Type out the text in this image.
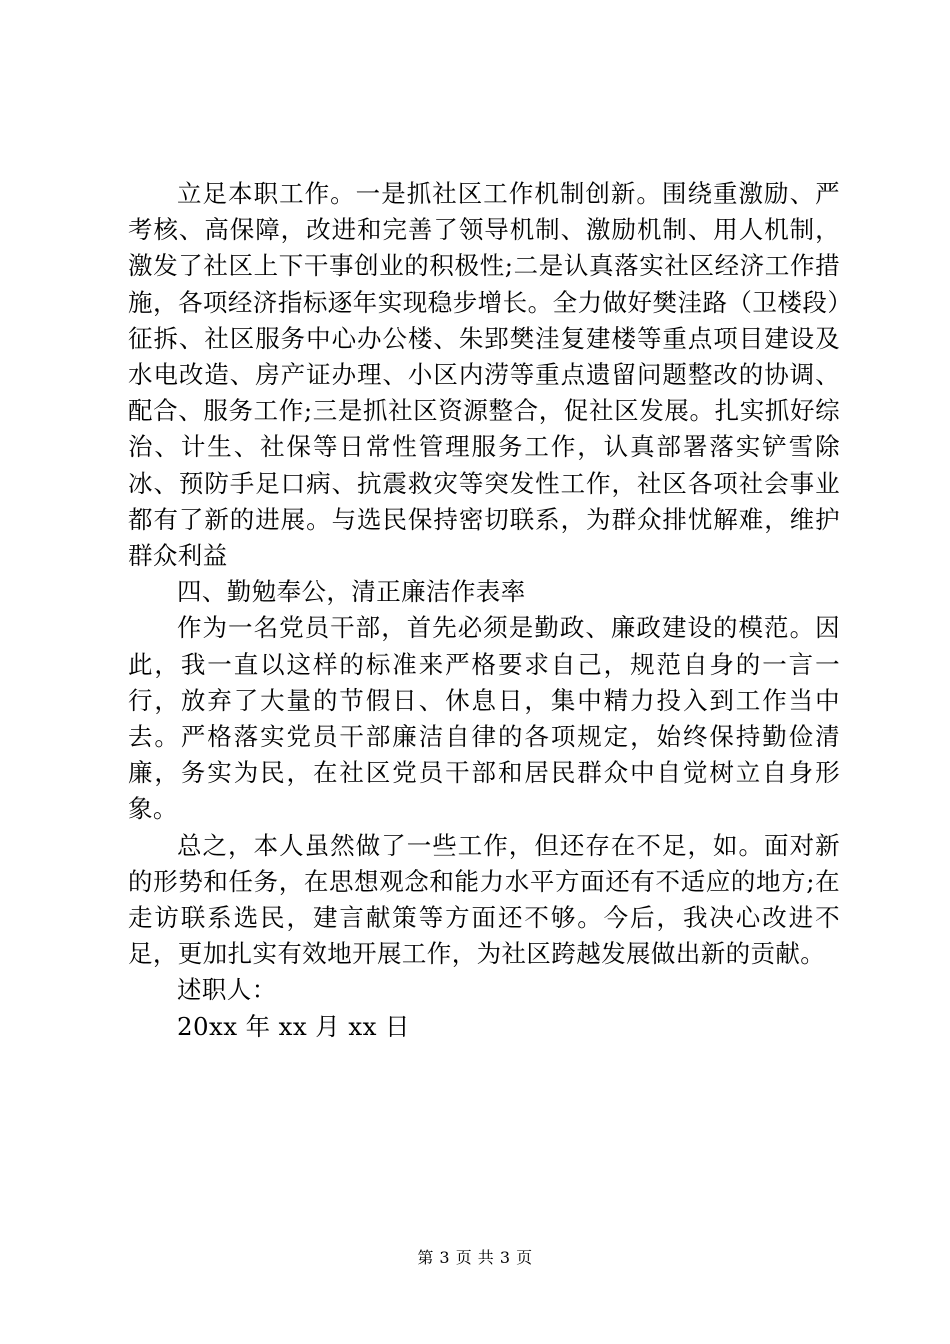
立足本职工作。一是抓社区工作机制创新。围绕重激励、严考核、高保障，改进和完善了领导机制、激励机制、用人机制，激发了社区上下干事创业的积极性;二是认真落实社区经济工作措施，各项经济指标逐年实现稳步增长。全力做好樊洼路（卫楼段）征拆、社区服务中心办公楼、朱郢樊洼复建楼等重点项目建设及水电改造、房产证办理、小区内涝等重点遗留问题整改的协调、配合、服务工作;三是抓社区资源整合，促社区发展。扎实抓好综治、计生、社保等日常性管理服务工作，认真部署落实铲雪除冰、预防手足口病、抗震救灾等突发性工作，社区各项社会事业都有了新的进展。与选民保持密切联系，为群众排忧解难，维护群众利益

四、勤勉奉公，清正廉洁作表率

作为一名党员干部，首先必须是勤政、廉政建设的模范。因此，我一直以这样的标准来严格要求自己，规范自身的一言一行，放弃了大量的节假日、休息日，集中精力投入到工作当中去。严格落实党员干部廉洁自律的各项规定，始终保持勤俭清廉，务实为民，在社区党员干部和居民群众中自觉树立自身形象。

总之，本人虽然做了一些工作，但还存在不足，如。面对新的形势和任务，在思想观念和能力水平方面还有不适应的地方;在走访联系选民，建言献策等方面还不够。今后，我决心改进不足，更加扎实有效地开展工作，为社区跨越发展做出新的贡献。

述职人：

20xx 年 xx 月 xx 日

第 3 页 共 3 页
